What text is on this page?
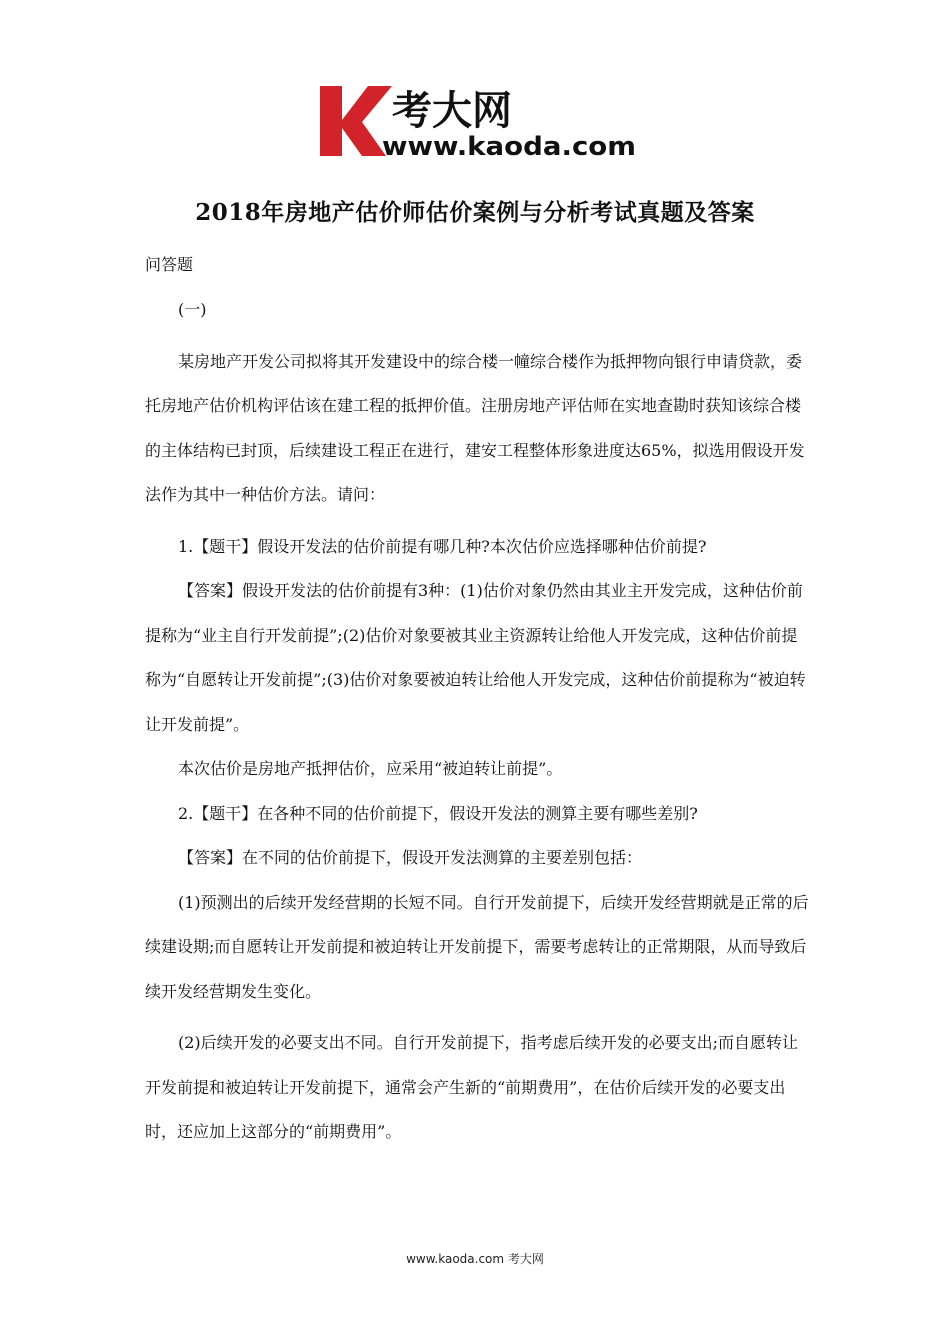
考大网
www.kaoda.com
2018年房地产估价师估价案例与分析考试真题及答案
问答题

(一)

某房地产开发公司拟将其开发建设中的综合楼一幢综合楼作为抵押物向银行申请贷款，委托房地产估价机构评估该在建工程的抵押价值。注册房地产评估师在实地查勘时获知该综合楼的主体结构已封顶，后续建设工程正在进行，建安工程整体形象进度达65%，拟选用假设开发法作为其中一种估价方法。请问：

1.【题干】假设开发法的估价前提有哪几种?本次估价应选择哪种估价前提?

【答案】假设开发法的估价前提有3种：(1)估价对象仍然由其业主开发完成，这种估价前提称为“业主自行开发前提”;(2)估价对象要被其业主资源转让给他人开发完成，这种估价前提称为“自愿转让开发前提”;(3)估价对象要被迫转让给他人开发完成，这种估价前提称为“被迫转让开发前提”。

本次估价是房地产抵押估价，应采用“被迫转让前提”。

2.【题干】在各种不同的估价前提下，假设开发法的测算主要有哪些差别?

【答案】在不同的估价前提下，假设开发法测算的主要差别包括：

(1)预测出的后续开发经营期的长短不同。自行开发前提下，后续开发经营期就是正常的后续建设期;而自愿转让开发前提和被迫转让开发前提下，需要考虑转让的正常期限，从而导致后续开发经营期发生变化。

(2)后续开发的必要支出不同。自行开发前提下，指考虑后续开发的必要支出;而自愿转让开发前提和被迫转让开发前提下，通常会产生新的“前期费用”，在估价后续开发的必要支出时，还应加上这部分的“前期费用”。

www.kaoda.com 考大网
